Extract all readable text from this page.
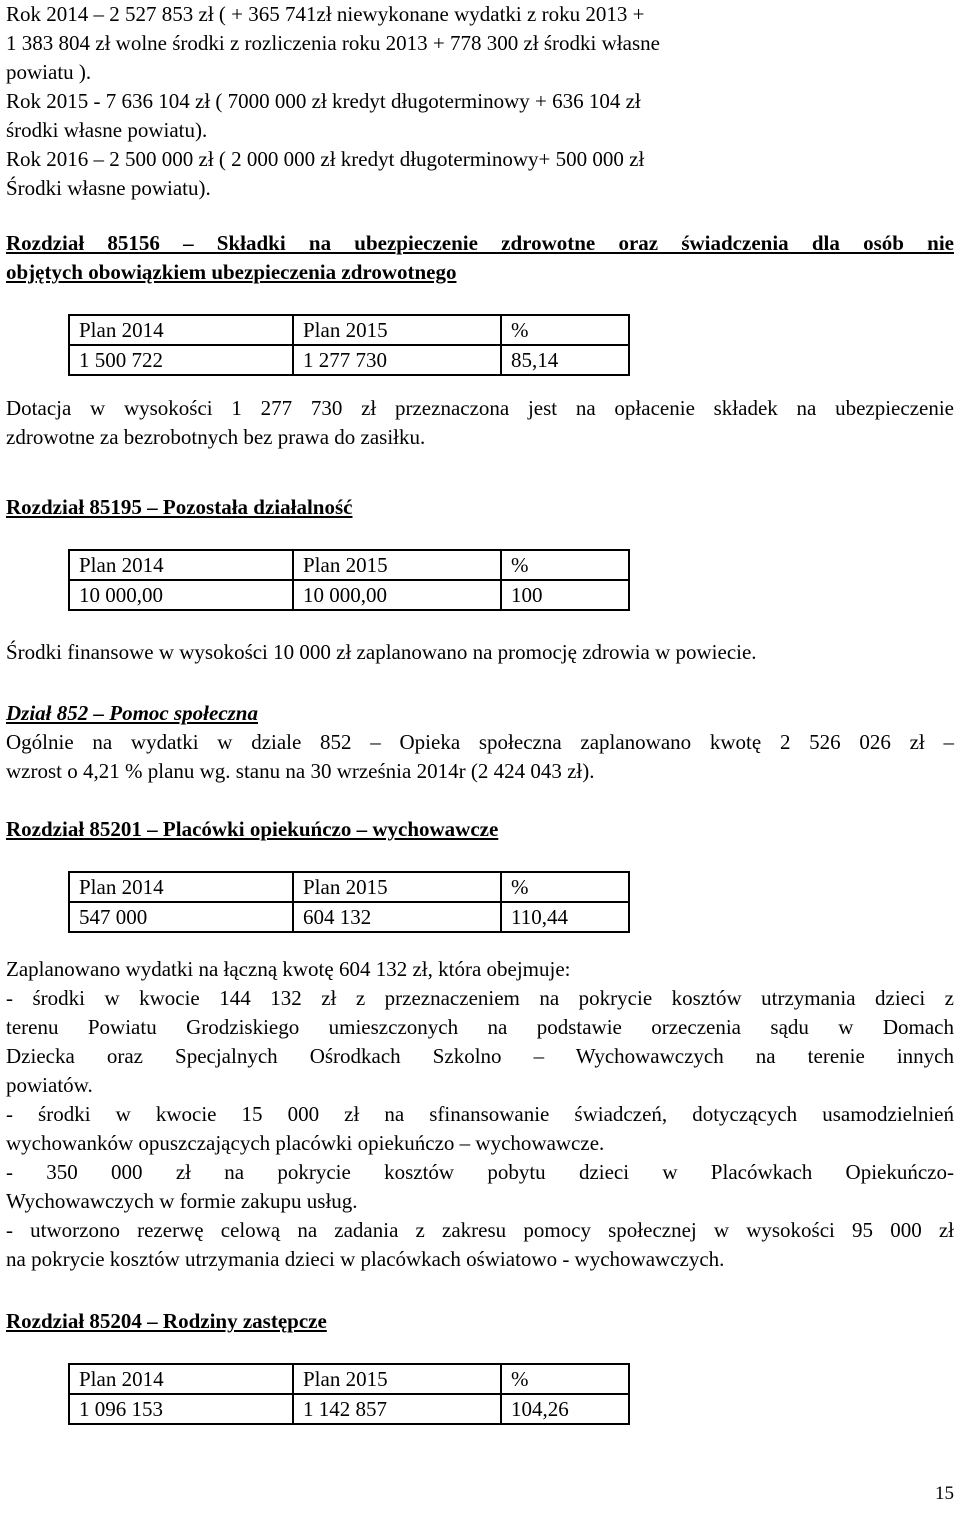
Rok 2014 – 2 527 853 zł ( + 365 741zł niewykonane wydatki z roku 2013 +

1 383 804 zł wolne środki z rozliczenia roku 2013 + 778 300 zł środki własne

powiatu ).

Rok 2015 - 7 636 104 zł ( 7000 000 zł kredyt długoterminowy + 636 104 zł

środki własne powiatu).

Rok 2016 – 2 500 000 zł ( 2 000 000 zł kredyt długoterminowy+ 500 000 zł

Środki własne powiatu).

Rozdział 85156 – Składki na ubezpieczenie zdrowotne oraz świadczenia dla osób nie
objętych obowiązkiem ubezpieczenia zdrowotnego

Plan 2014	Plan 2015	%
1 500 722	1 277 730	85,14

Dotacja w wysokości 1 277 730 zł przeznaczona jest na opłacenie składek na ubezpieczenie
zdrowotne za bezrobotnych bez prawa do zasiłku.

Rozdział 85195 – Pozostała działalność

Plan 2014	Plan 2015	%
10 000,00	10 000,00	100

Środki finansowe w wysokości 10 000 zł zaplanowano na promocję zdrowia w powiecie.

Dział 852 – Pomoc społeczna

Ogólnie na wydatki w dziale 852 – Opieka społeczna zaplanowano kwotę 2 526 026 zł –
wzrost o 4,21 % planu wg. stanu na 30 września 2014r (2 424 043 zł).

Rozdział 85201 – Placówki opiekuńczo – wychowawcze

Plan 2014	Plan 2015	%
547 000	604 132	110,44

Zaplanowano wydatki na łączną kwotę 604 132 zł, która obejmuje:

- środki w kwocie 144 132 zł z przeznaczeniem na pokrycie kosztów utrzymania dzieci z

terenu Powiatu Grodziskiego umieszczonych na podstawie orzeczenia sądu w Domach

Dziecka oraz Specjalnych Ośrodkach Szkolno – Wychowawczych na terenie innych

powiatów.

- środki w kwocie 15 000 zł na sfinansowanie świadczeń, dotyczących usamodzielnień

wychowanków opuszczających placówki opiekuńczo – wychowawcze.

- 350 000 zł na pokrycie kosztów pobytu dzieci w Placówkach Opiekuńczo-

Wychowawczych w formie zakupu usług.

- utworzono rezerwę celową na zadania z zakresu pomocy społecznej w wysokości 95 000 zł

na pokrycie kosztów utrzymania dzieci w placówkach oświatowo - wychowawczych.

Rozdział 85204 – Rodziny zastępcze

Plan 2014	Plan 2015	%
1 096 153	1 142 857	104,26
15
